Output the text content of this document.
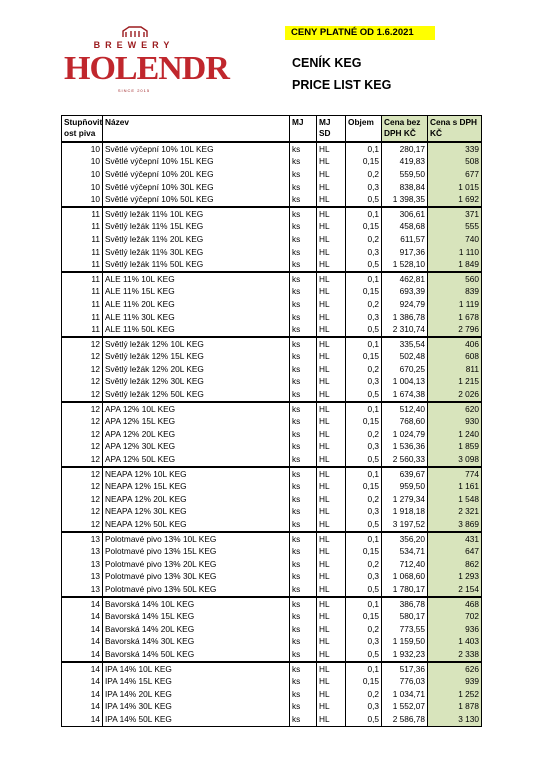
BREWERY
HOLENDR
SINCE 2015
CENY PLATNÉ OD 1.6.2021
CENÍK KEG
PRICE LIST KEG
Stupňovit ost piva	Název	MJ	MJ SD	Objem	Cena bez DPH KČ	Cena s DPH KČ
10	Světlé výčepní 10% 10L KEG	ks	HL	0,1	280,17	339
10	Světlé výčepní 10% 15L KEG	ks	HL	0,15	419,83	508
10	Světlé výčepní 10% 20L KEG	ks	HL	0,2	559,50	677
10	Světlé výčepní 10% 30L KEG	ks	HL	0,3	838,84	1 015
10	Světlé výčepní 10% 50L KEG	ks	HL	0,5	1 398,35	1 692
11	Světlý ležák 11% 10L KEG	ks	HL	0,1	306,61	371
11	Světlý ležák 11% 15L KEG	ks	HL	0,15	458,68	555
11	Světlý ležák 11% 20L KEG	ks	HL	0,2	611,57	740
11	Světlý ležák 11% 30L KEG	ks	HL	0,3	917,36	1 110
11	Světlý ležák 11% 50L KEG	ks	HL	0,5	1 528,10	1 849
11	ALE 11% 10L KEG	ks	HL	0,1	462,81	560
11	ALE 11% 15L KEG	ks	HL	0,15	693,39	839
11	ALE 11% 20L KEG	ks	HL	0,2	924,79	1 119
11	ALE 11% 30L KEG	ks	HL	0,3	1 386,78	1 678
11	ALE 11% 50L KEG	ks	HL	0,5	2 310,74	2 796
12	Světlý ležák 12% 10L KEG	ks	HL	0,1	335,54	406
12	Světlý ležák 12% 15L KEG	ks	HL	0,15	502,48	608
12	Světlý ležák 12% 20L KEG	ks	HL	0,2	670,25	811
12	Světlý ležák 12% 30L KEG	ks	HL	0,3	1 004,13	1 215
12	Světlý ležák 12% 50L KEG	ks	HL	0,5	1 674,38	2 026
12	APA 12% 10L KEG	ks	HL	0,1	512,40	620
12	APA 12% 15L KEG	ks	HL	0,15	768,60	930
12	APA 12% 20L KEG	ks	HL	0,2	1 024,79	1 240
12	APA 12% 30L KEG	ks	HL	0,3	1 536,36	1 859
12	APA 12% 50L KEG	ks	HL	0,5	2 560,33	3 098
12	NEAPA 12% 10L KEG	ks	HL	0,1	639,67	774
12	NEAPA 12% 15L KEG	ks	HL	0,15	959,50	1 161
12	NEAPA 12% 20L KEG	ks	HL	0,2	1 279,34	1 548
12	NEAPA 12% 30L KEG	ks	HL	0,3	1 918,18	2 321
12	NEAPA 12% 50L KEG	ks	HL	0,5	3 197,52	3 869
13	Polotmavé pivo 13% 10L KEG	ks	HL	0,1	356,20	431
13	Polotmavé pivo 13% 15L KEG	ks	HL	0,15	534,71	647
13	Polotmavé pivo 13% 20L KEG	ks	HL	0,2	712,40	862
13	Polotmavé pivo 13% 30L KEG	ks	HL	0,3	1 068,60	1 293
13	Polotmavé pivo 13% 50L KEG	ks	HL	0,5	1 780,17	2 154
14	Bavorská 14% 10L KEG	ks	HL	0,1	386,78	468
14	Bavorská 14% 15L KEG	ks	HL	0,15	580,17	702
14	Bavorská 14% 20L KEG	ks	HL	0,2	773,55	936
14	Bavorská 14% 30L KEG	ks	HL	0,3	1 159,50	1 403
14	Bavorská 14% 50L KEG	ks	HL	0,5	1 932,23	2 338
14	IPA 14% 10L KEG	ks	HL	0,1	517,36	626
14	IPA 14% 15L KEG	ks	HL	0,15	776,03	939
14	IPA 14% 20L KEG	ks	HL	0,2	1 034,71	1 252
14	IPA 14% 30L KEG	ks	HL	0,3	1 552,07	1 878
14	IPA 14% 50L KEG	ks	HL	0,5	2 586,78	3 130
